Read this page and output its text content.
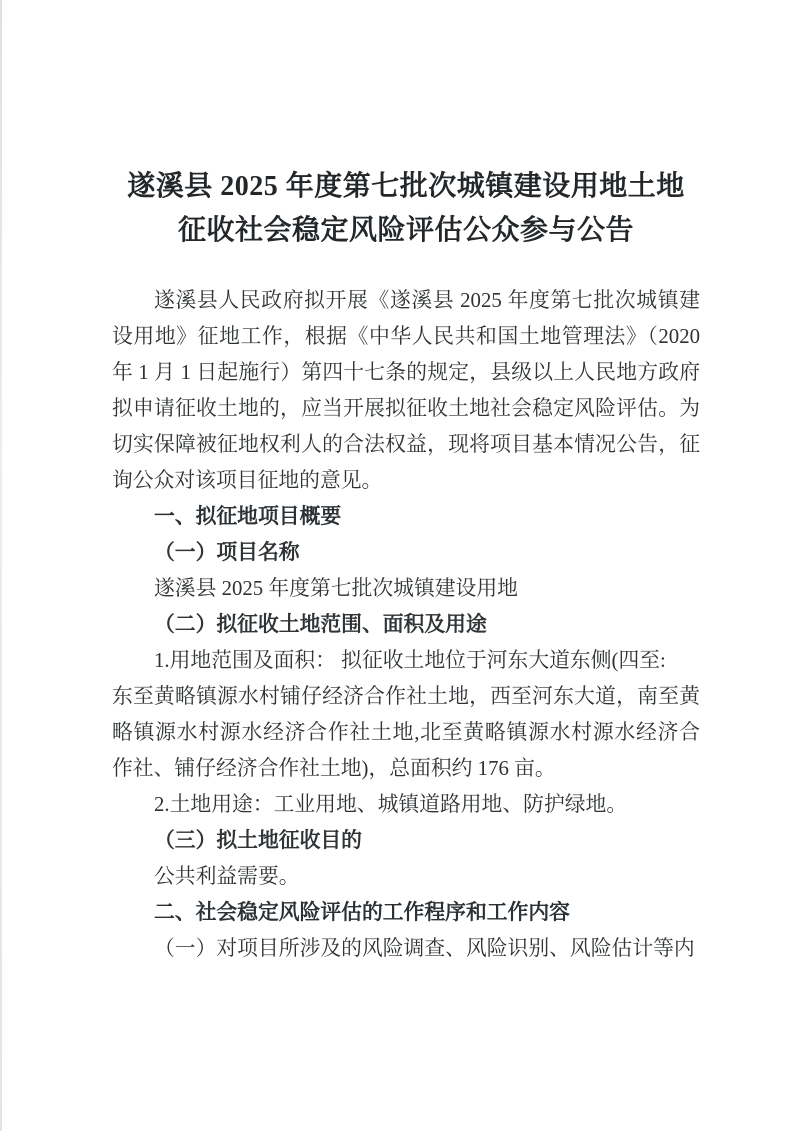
遂溪县 2025 年度第七批次城镇建设用地土地
征收社会稳定风险评估公众参与公告
遂溪县人民政府拟开展《遂溪县 2025 年度第七批次城镇建
设用地》征地工作，根据《中华人民共和国土地管理法》（2020
年 1 月 1 日起施行）第四十七条的规定，县级以上人民地方政府
拟申请征收土地的，应当开展拟征收土地社会稳定风险评估。为
切实保障被征地权利人的合法权益，现将项目基本情况公告，征
询公众对该项目征地的意见。
一、拟征地项目概要
（一）项目名称
遂溪县 2025 年度第七批次城镇建设用地
（二）拟征收土地范围、面积及用途
1.用地范围及面积： 拟征收土地位于河东大道东侧(四至:
东至黄略镇源水村铺仔经济合作社土地，西至河东大道，南至黄
略镇源水村源水经济合作社土地,北至黄略镇源水村源水经济合
作社、铺仔经济合作社土地)，总面积约 176 亩。
2.土地用途：工业用地、城镇道路用地、防护绿地。
（三）拟土地征收目的
公共利益需要。
二、社会稳定风险评估的工作程序和工作内容
（一）对项目所涉及的风险调查、风险识别、风险估计等内
